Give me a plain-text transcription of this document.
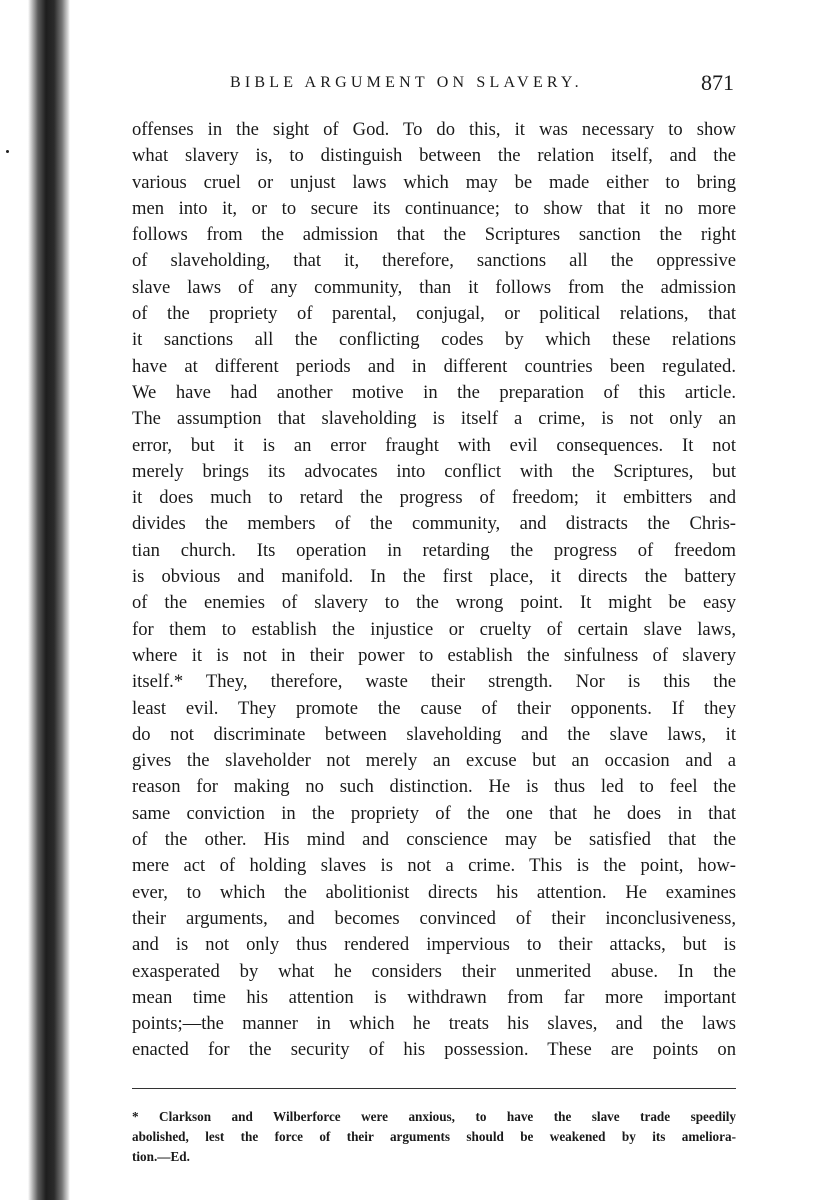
BIBLE ARGUMENT ON SLAVERY.	871
offenses in the sight of God. To do this, it was necessary to show
what slavery is, to distinguish between the relation itself, and the
various cruel or unjust laws which may be made either to bring
men into it, or to secure its continuance; to show that it no more
follows from the admission that the Scriptures sanction the right
of slaveholding, that it, therefore, sanctions all the oppressive
slave laws of any community, than it follows from the admission
of the propriety of parental, conjugal, or political relations, that
it sanctions all the conflicting codes by which these relations
have at different periods and in different countries been regulated.
We have had another motive in the preparation of this article.
The assumption that slaveholding is itself a crime, is not only an
error, but it is an error fraught with evil consequences. It not
merely brings its advocates into conflict with the Scriptures, but
it does much to retard the progress of freedom; it embitters and
divides the members of the community, and distracts the Chris-
tian church. Its operation in retarding the progress of freedom
is obvious and manifold. In the first place, it directs the battery
of the enemies of slavery to the wrong point. It might be easy
for them to establish the injustice or cruelty of certain slave laws,
where it is not in their power to establish the sinfulness of slavery
itself.* They, therefore, waste their strength. Nor is this the
least evil. They promote the cause of their opponents. If they
do not discriminate between slaveholding and the slave laws, it
gives the slaveholder not merely an excuse but an occasion and a
reason for making no such distinction. He is thus led to feel the
same conviction in the propriety of the one that he does in that
of the other. His mind and conscience may be satisfied that the
mere act of holding slaves is not a crime. This is the point, how-
ever, to which the abolitionist directs his attention. He examines
their arguments, and becomes convinced of their inconclusiveness,
and is not only thus rendered impervious to their attacks, but is
exasperated by what he considers their unmerited abuse. In the
mean time his attention is withdrawn from far more important
points;—the manner in which he treats his slaves, and the laws
enacted for the security of his possession. These are points on
* Clarkson and Wilberforce were anxious, to have the slave trade speedily
abolished, lest the force of their arguments should be weakened by its ameliora-
tion.—Ed.
